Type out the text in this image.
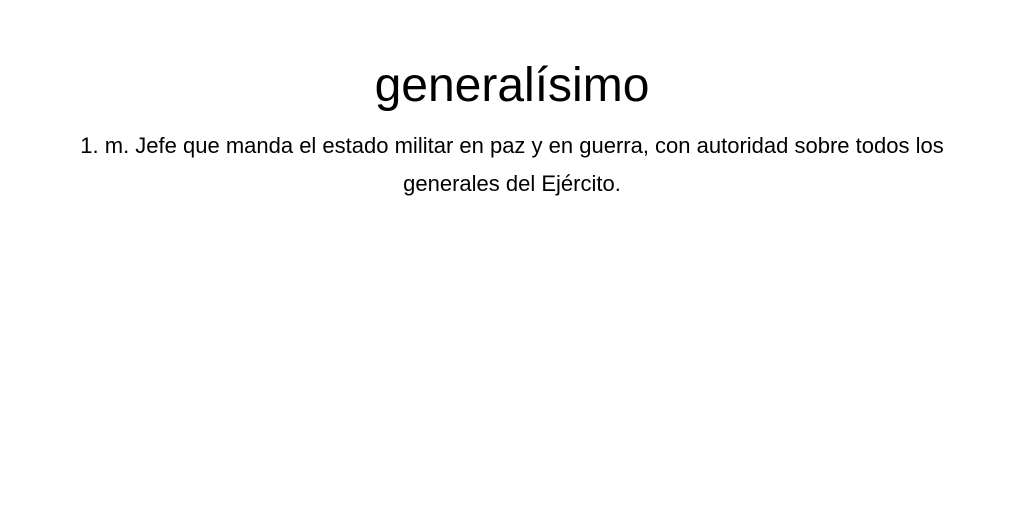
generalísimo

1. m. Jefe que manda el estado militar en paz y en guerra, con autoridad sobre todos los generales del Ejército.
